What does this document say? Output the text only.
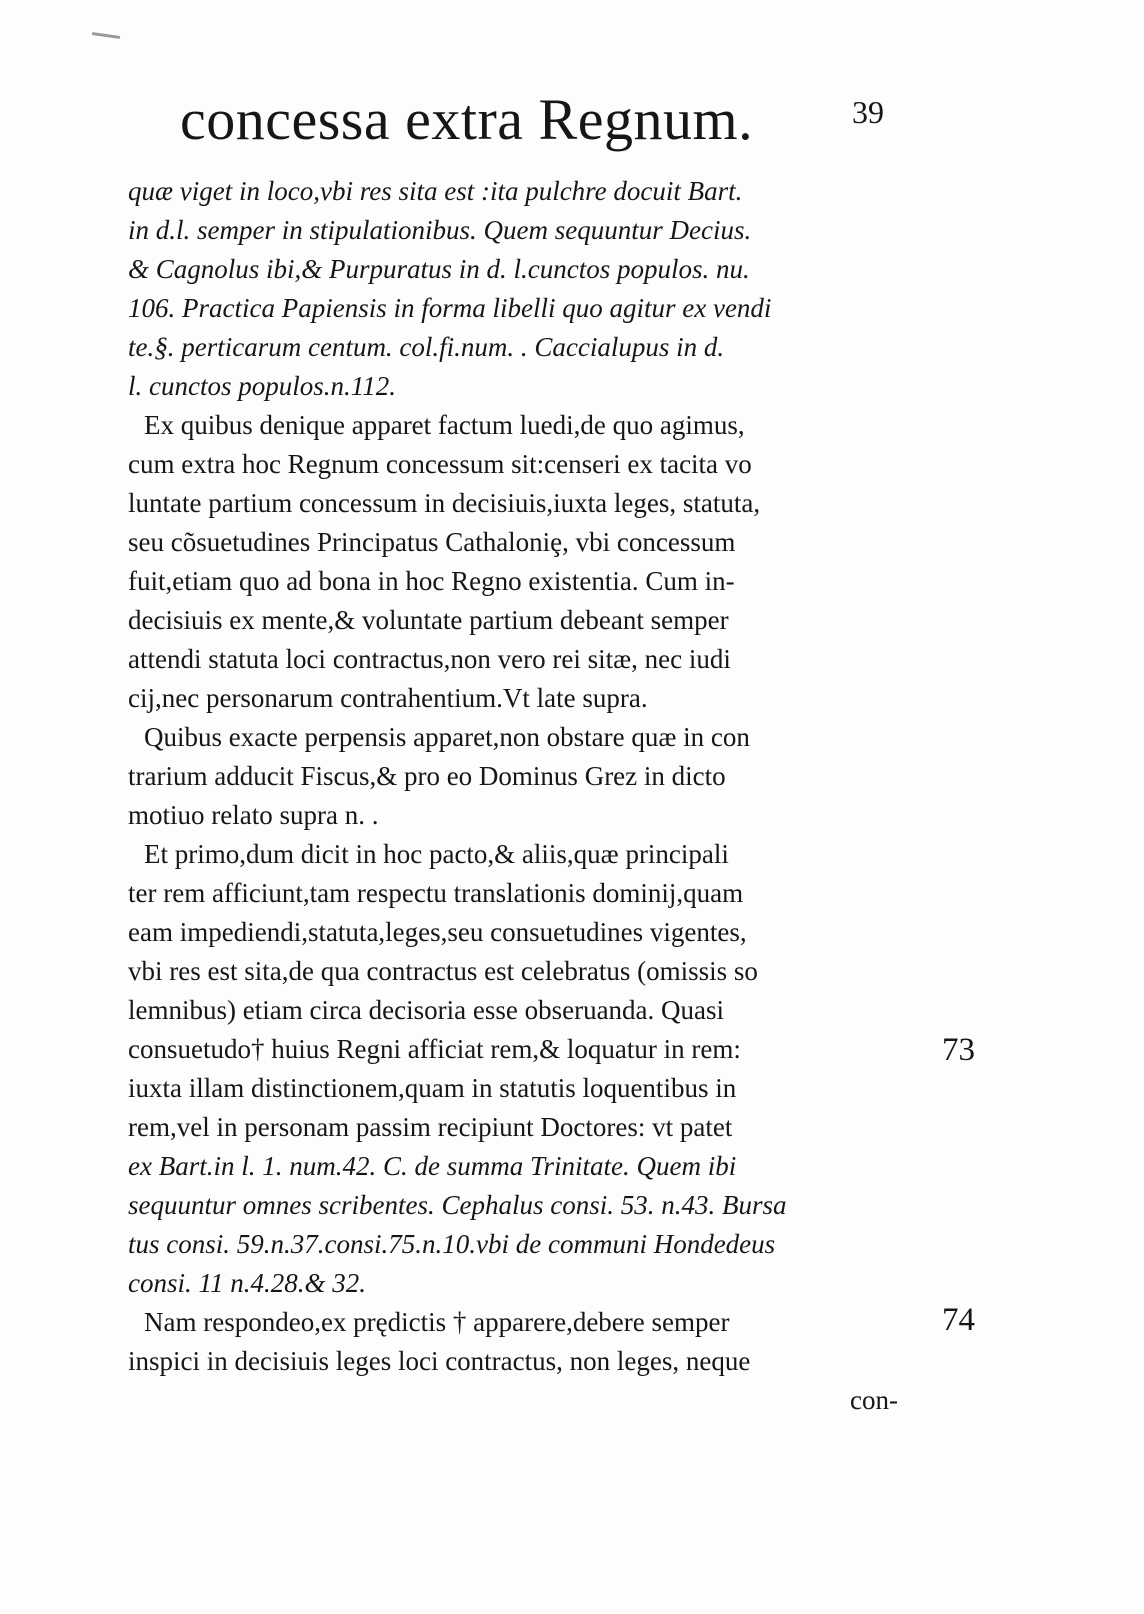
concessa extra Regnum.	39
quæ viget in loco,vbi res sita est :ita pulchre docuit Bart.
in d.l. semper in stipulationibus. Quem sequuntur Decius.
& Cagnolus ibi,& Purpuratus in d. l.cunctos populos. nu.
106. Practica Papiensis in forma libelli quo agitur ex vendi
te.§. perticarum centum. col.fi.num. . Caccialupus in d.
l. cunctos populos.n.112.
Ex quibus denique apparet factum luedi,de quo agimus,
cum extra hoc Regnum concessum sit:censeri ex tacita vo
luntate partium concessum in decisiuis,iuxta leges, statuta,
seu cõsuetudines Principatus Cathaloniȩ, vbi concessum
fuit,etiam quo ad bona in hoc Regno existentia. Cum in-
decisiuis ex mente,& voluntate partium debeant semper
attendi statuta loci contractus,non vero rei sitæ, nec iudi
cij,nec personarum contrahentium.Vt late supra.
Quibus exacte perpensis apparet,non obstare quæ in con
trarium adducit Fiscus,& pro eo Dominus Grez in dicto
motiuo relato supra n. .
Et primo,dum dicit in hoc pacto,& aliis,quæ principali
ter rem afficiunt,tam respectu translationis dominij,quam
eam impediendi,statuta,leges,seu consuetudines vigentes,
vbi res est sita,de qua contractus est celebratus (omissis so
lemnibus) etiam circa decisoria esse obseruanda. Quasi
consuetudo† huius Regni afficiat rem,& loquatur in rem:
iuxta illam distinctionem,quam in statutis loquentibus in
rem,vel in personam passim recipiunt Doctores: vt patet
ex Bart.in l. 1. num.42. C. de summa Trinitate. Quem ibi
sequuntur omnes scribentes. Cephalus consi. 53. n.43. Bursa
tus consi. 59.n.37.consi.75.n.10.vbi de communi Hondedeus
consi. 11 n.4.28.& 32.
Nam respondeo,ex prędictis † apparere,debere semper
inspici in decisiuis leges loci contractus, non leges, neque
73
74
con-
